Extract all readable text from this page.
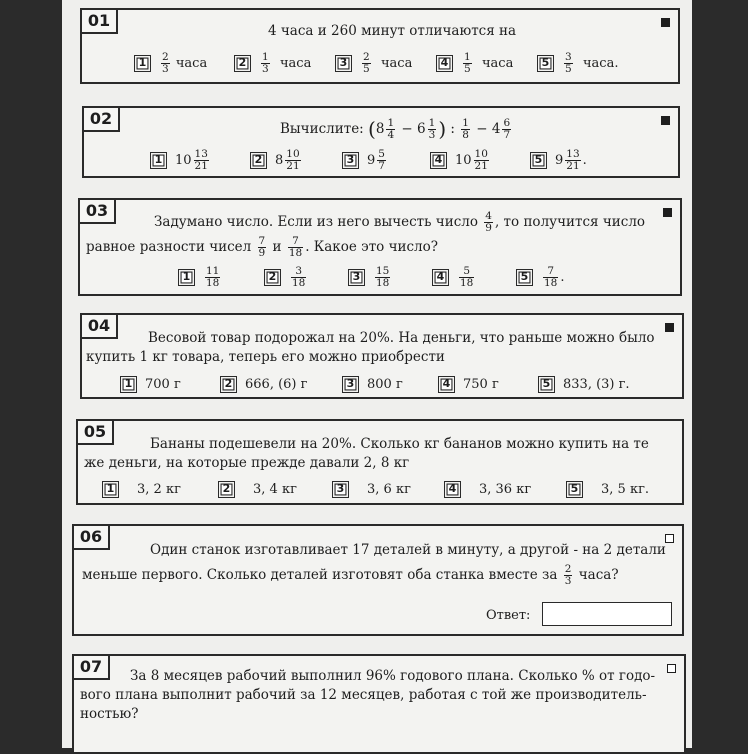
01
4 часа и 260 минут отличаются на
1	2
3
часа	2	1
3
часа	3	2
5
часа	4	1
5
часа	5	3
5
часа.
02
Вычислите:
( 8 1
4
−
6 1
3 )
:
1
8
−
4 6
7
1 10 13
21	2 8 10
21	3 9 5
7	4 10 10
21	5 9 13
21 .
03
Задумано число. Если из него вычесть число
4
9 , то получится число
равное разности чисел
7
9
и
7
18 . Какое это число?
1	11
18	2	3
18	3	15
18	4	5
18	5	7
18 .
04
Весовой товар подорожал на 20%. На деньги, что раньше можно было
купить 1 кг товара, теперь его можно приобрести
1 700 г	2 666, (6) г	3 800 г	4 750 г	5 833, (3) г.
05
Бананы подешевели на 20%. Сколько кг бананов можно купить на те
же деньги, на которые прежде давали 2, 8 кг
1	3, 2 кг	2	3, 4 кг	3	3, 6 кг	4	3, 36 кг	5	3, 5 кг.
06
Один станок изготавливает 17 деталей в минуту, а другой - на 2 детали
меньше первого. Сколько деталей изготовят оба станка вместе за
2
3
часа?
Ответ:
07	За 8 месяцев рабочий выполнил 96% годового плана. Сколько % от годо-
вого плана выполнит рабочий за 12 месяцев, работая с той же производитель-
ностью?
